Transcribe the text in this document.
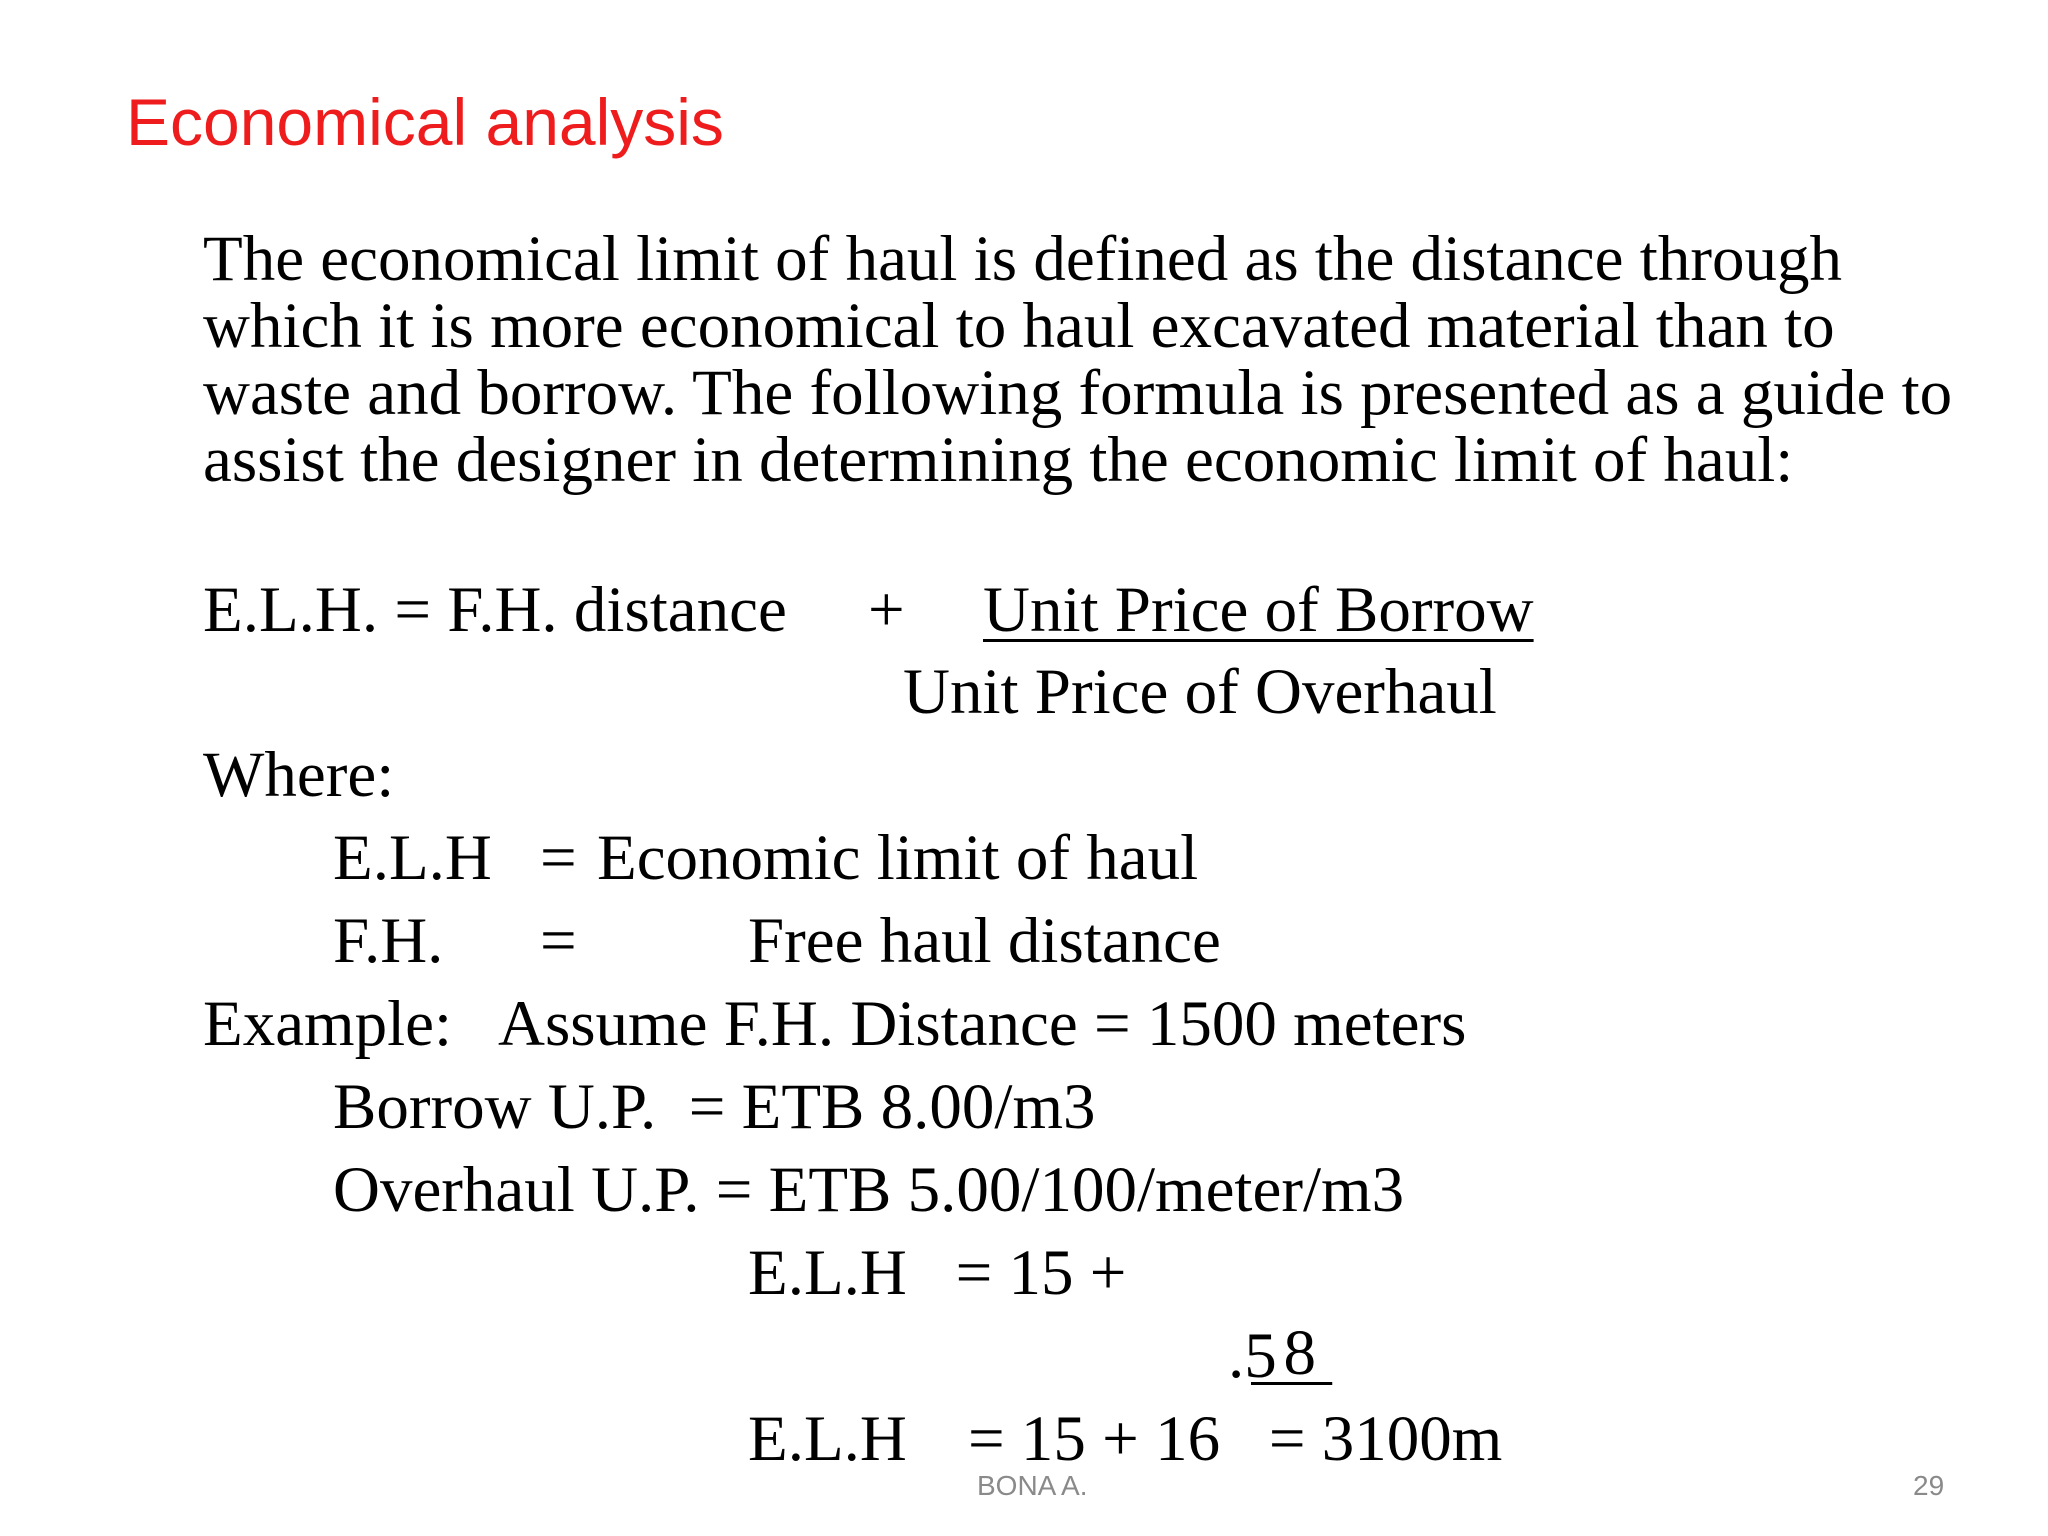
Economical analysis

The economical limit of haul is defined as the distance through which it is more economical to haul excavated material than to waste and borrow. The following formula is presented as a guide to assist the designer in determining the economic limit of haul:

E.L.H. = F.H. distance + Unit Price of Borrow
Unit Price of Overhaul
Where:
E.L.H = Economic limit of haul
F.H. =	Free haul distance
Example: Assume F.H. Distance = 1500 meters
Borrow U.P.  = ETB 8.00/m3
Overhaul U.P. = ETB 5.00/100/meter/m3
E.L.H   = 15 +

8

.5
E.L.H = 15 + 16   = 3100m
BONA A.	29
